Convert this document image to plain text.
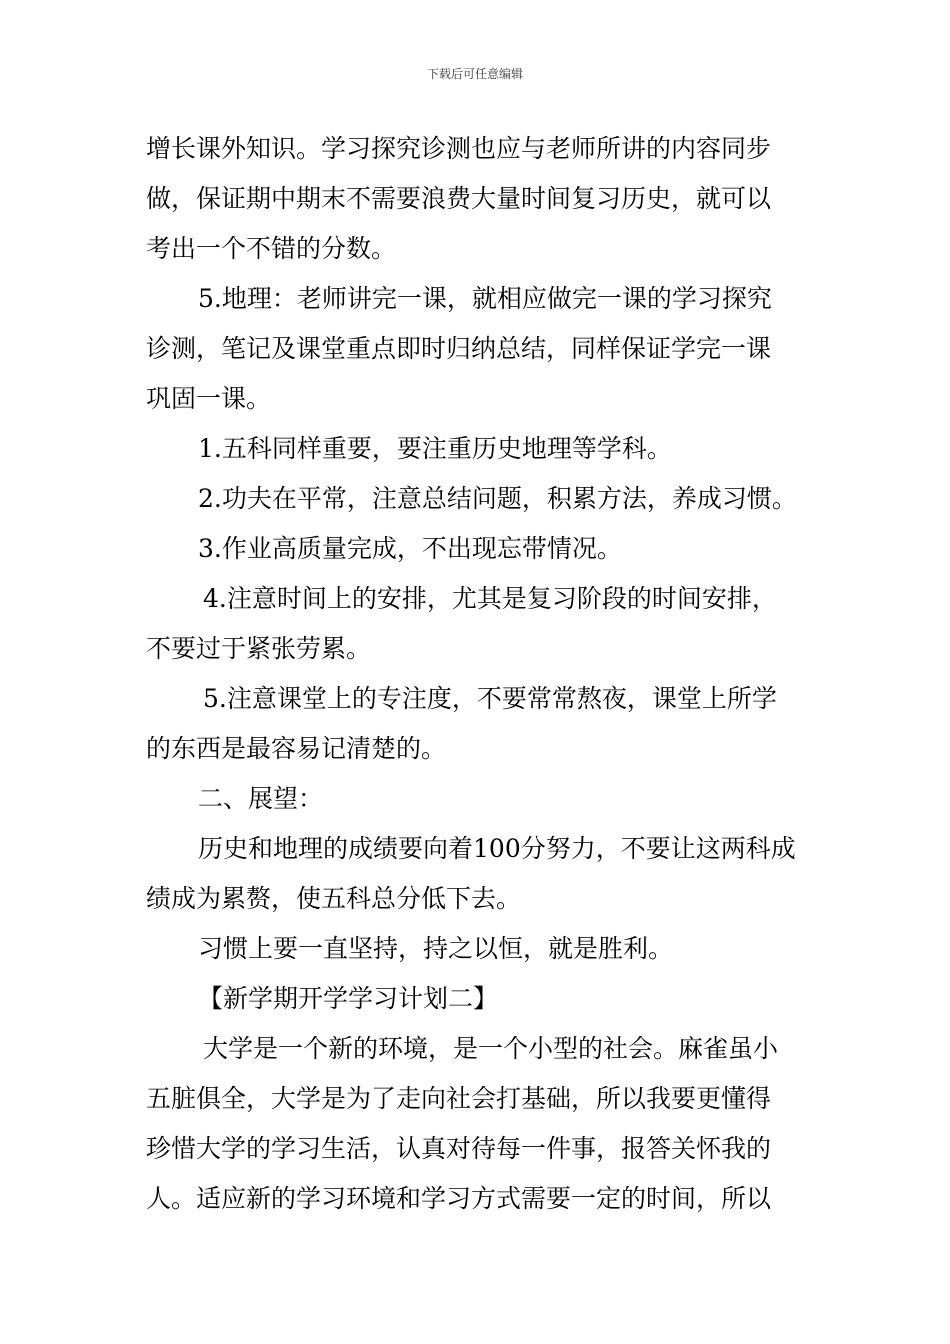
下载后可任意编辑
增长课外知识。学习探究诊测也应与老师所讲的内容同步
做，保证期中期末不需要浪费大量时间复习历史，就可以
考出一个不错的分数。
5.地理：老师讲完一课，就相应做完一课的学习探究
诊测，笔记及课堂重点即时归纳总结，同样保证学完一课
巩固一课。
1.五科同样重要，要注重历史地理等学科。
2.功夫在平常，注意总结问题，积累方法，养成习惯。
3.作业高质量完成，不出现忘带情况。
4.注意时间上的安排，尤其是复习阶段的时间安排，
不要过于紧张劳累。
5.注意课堂上的专注度，不要常常熬夜，课堂上所学
的东西是最容易记清楚的。
二、展望：
历史和地理的成绩要向着100分努力，不要让这两科成
绩成为累赘，使五科总分低下去。
习惯上要一直坚持，持之以恒，就是胜利。
【新学期开学学习计划二】
大学是一个新的环境，是一个小型的社会。麻雀虽小
五脏俱全，大学是为了走向社会打基础，所以我要更懂得
珍惜大学的学习生活，认真对待每一件事，报答关怀我的
人。适应新的学习环境和学习方式需要一定的时间，所以
